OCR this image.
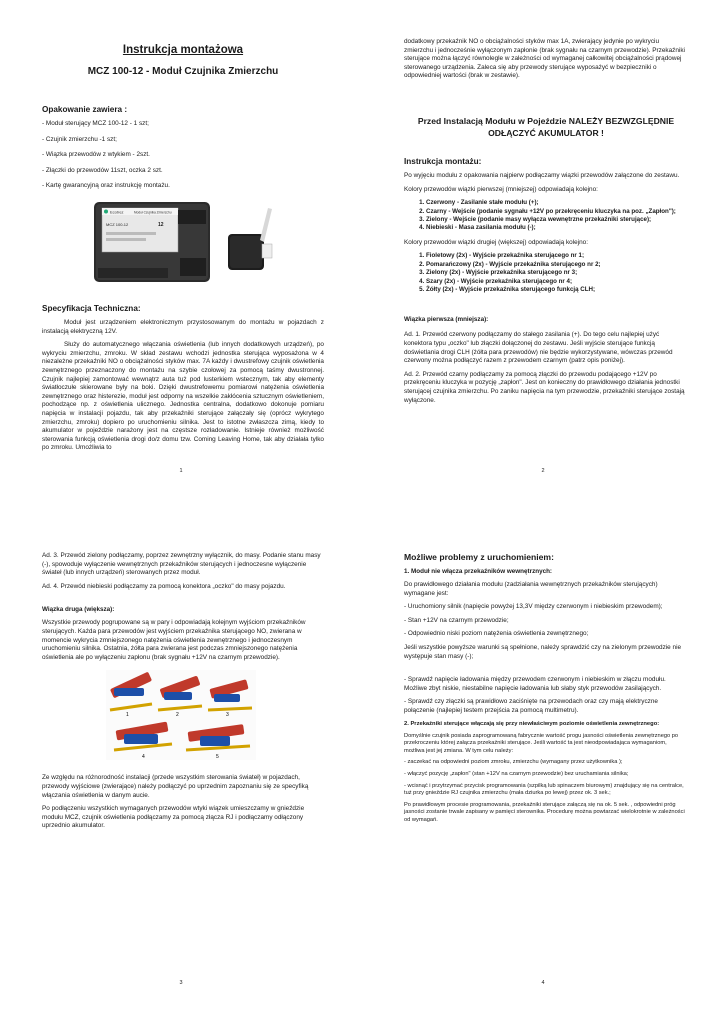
Instrukcja montażowa
MCZ 100-12 - Moduł Czujnika Zmierzchu
Opakowanie zawiera :

- Moduł sterujący MCZ 100-12 - 1 szt;

- Czujnik zmierzchu -1 szt;

- Wiązka przewodów z wtykiem - 2szt.

- Złączki do przewodów 11szt, oczka 2 szt.

- Kartę gwarancyjną oraz instrukcję montażu.

Ecotrez	Moduł Czujnika Zmierzchu
MCZ 100-12	12
Specyfikacja Techniczna:

Moduł jest urządzeniem elektronicznym przystosowanym do montażu w pojazdach z instalacją elektryczną 12V.

Służy do automatycznego włączania oświetlenia (lub innych dodatkowych urządzeń), po wykryciu zmierzchu, zmroku. W skład zestawu wchodzi jednostka sterująca wyposażona w 4 niezależne przekaźniki NO o obciążalności styków max. 7A każdy i dwustrefowy czujnik oświetlenia zewnętrznego przeznaczony do montażu na szybie czołowej za pomocą taśmy dwustronnej. Czujnik najlepiej zamontować wewnątrz auta tuż pod lusterkiem wstecznym, tak aby elementy światłoczułe skierowane były na boki. Dzięki dwustrefowemu pomiarowi natężenia oświetlenia zewnętrznego oraz histerezie, moduł jest odporny na wszelkie zakłócenia sztucznym oświetleniem, pochodzące np. z oświetlenia ulicznego. Jednostka centralna, dodatkowo dokonuje pomiaru napięcia w instalacji pojazdu, tak aby przekaźniki sterujące załączały się (oprócz wykrytego zmierzchu, zmroku) dopiero po uruchomieniu silnika. Jest to istotne zwłaszcza zimą, kiedy to akumulator w pojeździe narażony jest na częstsze rozładowanie. Istnieje również możliwość sterowania funkcją oświetlenia drogi do/z domu tzw. Coming Leaving Home, tak aby działała tylko po zmroku. Umożliwia to

1

dodatkowy przekaźnik NO o obciążalności styków max 1A, zwierający jedynie po wykryciu zmierzchu i jednocześnie wyłączonym zapłonie (brak sygnału na czarnym przewodzie). Przekaźniki sterujące można łączyć równolegle w zależności od wymaganej całkowitej obciążalności prądowej sterowanego urządzenia. Zaleca się aby przewody sterujące wyposażyć w bezpieczniki o odpowiedniej wartości (brak w zestawie).

Przed Instalacją Modułu w Pojeździe NALEŻY BEZWZGLĘDNIE ODŁĄCZYĆ AKUMULATOR !
Instrukcja montażu:

Po wyjęciu modułu z opakowania najpierw podłączamy wiązki przewodów załączone do zestawu.

Kolory przewodów wiązki pierwszej (mniejszej) odpowiadają kolejno:

1. Czerwony - Zasilanie stałe modułu (+);
2. Czarny - Wejście (podanie sygnału +12V po przekręceniu kluczyka na poz. „Zapłon");
3. Zielony - Wejście (podanie masy wyłącza wewnętrzne przekaźniki sterujące);
4. Niebieski - Masa zasilania modułu (-);

Kolory przewodów wiązki drugiej (większej) odpowiadają kolejno:

1. Fioletowy (2x) - Wyjście przekaźnika sterującego nr 1;
2. Pomarańczowy (2x) - Wyjście przekaźnika sterującego nr 2;
3. Zielony (2x) - Wyjście przekaźnika sterującego nr 3;
4. Szary (2x) - Wyjście przekaźnika sterującego nr 4;
5. Żółty (2x) - Wyjście przekaźnika sterującego funkcją CLH;
Wiązka pierwsza (mniejsza):

Ad. 1. Przewód czerwony podłączamy do stałego zasilania (+). Do tego celu najlepiej użyć konektora typu „oczko" lub złączki dołączonej do zestawu. Jeśli wyjście sterujące funkcją doświetlania drogi CLH (żółta para przewodów) nie będzie wykorzystywane, wówczas przewód czerwony można podłączyć razem z przewodem czarnym (patrz opis poniżej).

Ad. 2. Przewód czarny podłączamy za pomocą złączki do przewodu podającego +12V po przekręceniu kluczyka w pozycję „zapłon". Jest on konieczny do prawidłowego działania jednostki sterującej czujnika zmierzchu. Po zaniku napięcia na tym przewodzie, przekaźniki sterujące zostają wyłączone.

2

Ad. 3. Przewód zielony podłączamy, poprzez zewnętrzny wyłącznik, do masy. Podanie stanu masy (-), spowoduje wyłączenie wewnętrznych przekaźników sterujących i jednoczesne wyłączenie świateł (lub innych urządzeń) sterowanych przez moduł.

Ad. 4. Przewód niebieski podłączamy za pomocą konektora „oczko" do masy pojazdu.

Wiązka druga (większa):

Wszystkie przewody pogrupowane są w pary i odpowiadają kolejnym wyjściom przekaźników sterujących. Każda para przewodów jest wyjściem przekaźnika sterującego NO, zwierana w momencie wykrycia zmniejszonego natężenia oświetlenia zewnętrznego i jednoczesnym uruchomieniu silnika. Ostatnia, żółta para zwierana jest podczas zmniejszonego natężenia oświetlenia ale po wyłączeniu zapłonu (brak sygnału +12V na czarnym przewodzie).

1	2	3
4	5

Ze względu na różnorodność instalacji (przede wszystkim sterowania świateł) w pojazdach, przewody wyjściowe (zwierające) należy podłączyć po uprzednim zapoznaniu się ze specyfiką włączania oświetlenia w danym aucie.

Po podłączeniu wszystkich wymaganych przewodów wtyki wiązek umieszczamy w gnieździe modułu MCZ, czujnik oświetlenia podłączamy za pomocą złącza RJ i podłączamy odłączony uprzednio akumulator.

3
Możliwe problemy z uruchomieniem:
1. Moduł nie włącza przekaźników wewnętrznych:

Do prawidłowego działania modułu (zadziałania wewnętrznych przekaźników sterujących) wymagane jest:

- Uruchomiony silnik (napięcie powyżej 13,3V między czerwonym i niebieskim przewodem);

- Stan +12V na czarnym przewodzie;

- Odpowiednio niski poziom natężenia oświetlenia zewnętrznego;

Jeśli wszystkie powyższe warunki są spełnione, należy sprawdzić czy na zielonym przewodzie nie występuje stan masy (-);

- Sprawdź napięcie ładowania między przewodem czerwonym i niebieskim w złączu modułu. Możliwe zbyt niskie, niestabilne napięcie ładowania lub słaby styk przewodów zasilających.

- Sprawdź czy złączki są prawidłowo zaciśnięte na przewodach oraz czy mają elektryczne połączenie (najlepiej testem przejścia za pomocą multimetru).

2. Przekaźniki sterujące włączają się przy niewłaściwym poziomie oświetlenia zewnętrznego:

Domyślnie czujnik posiada zaprogramowaną fabrycznie wartość progu jasności oświetlenia zewnętrznego po przekroczeniu której załącza przekaźniki sterujące. Jeśli wartość ta jest nieodpowiadająca wymaganiom, możliwa jest jej zmiana. W tym celu należy:

- zaczekać na odpowiedni poziom zmroku, zmierzchu (wymagany przez użytkownika );

- włączyć pozycję „zapłon" (stan +12V na czarnym przewodzie) bez uruchamiania silnika;

- wcisnąć i przytrzymać przycisk programowania (szpilką lub spinaczem biurowym) znajdujący się na centralce, tuż przy gnieździe RJ czujnika zmierzchu (mała dziurka po lewej) przez ok. 3 sek.;

Po prawidłowym procesie programowania, przekaźniki sterujące załączą się na ok. 5 sek. , odpowiedni próg jasności zostanie trwale zapisany w pamięci sterownika. Procedurę można powtarzać wielokrotnie w zależności od wymagań.

4
